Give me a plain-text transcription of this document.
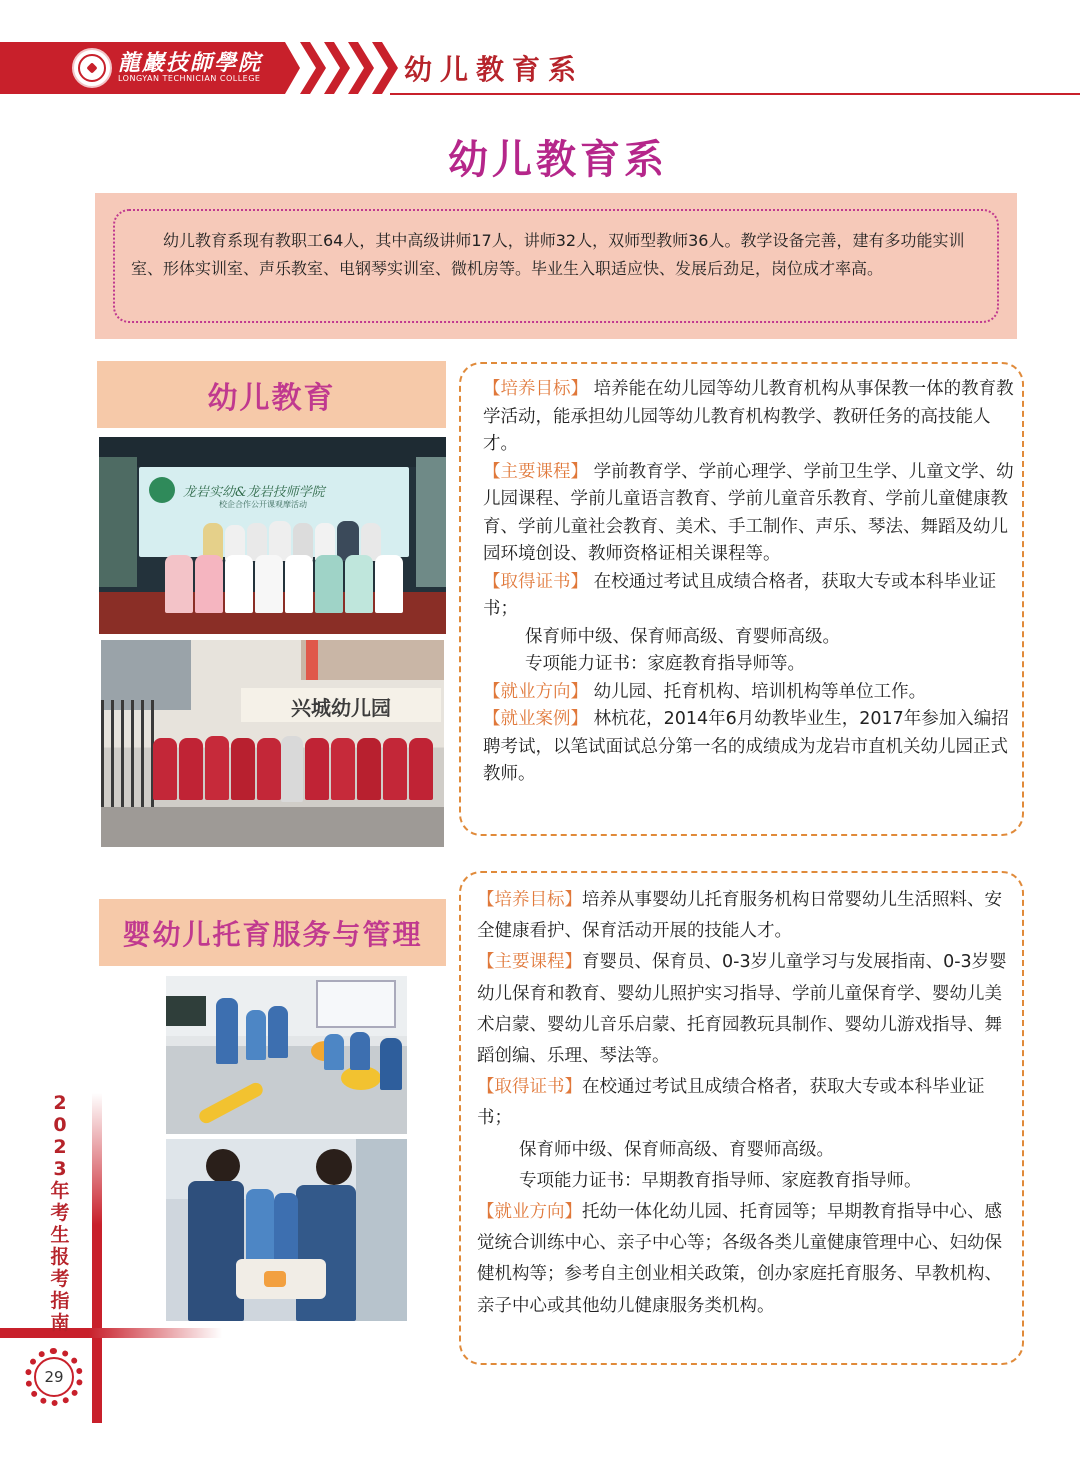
龍巖技師學院
LONGYAN TECHNICIAN COLLEGE	幼儿教育系
幼儿教育系
幼儿教育系现有教职工64人，其中高级讲师17人，讲师32人，双师型教师36人。教学设备完善，建有多功能实训室、形体实训室、声乐教室、电钢琴实训室、微机房等。毕业生入职适应快、发展后劲足，岗位成才率高。
幼儿教育
龙岩实幼&龙岩技师学院
校企合作公开课观摩活动
兴城幼儿园

【培养目标】 培养能在幼儿园等幼儿教育机构从事保教一体的教育教学活动，能承担幼儿园等幼儿教育机构教学、教研任务的高技能人才。

【主要课程】 学前教育学、学前心理学、学前卫生学、儿童文学、幼儿园课程、学前儿童语言教育、学前儿童音乐教育、学前儿童健康教育、学前儿童社会教育、美术、手工制作、声乐、琴法、舞蹈及幼儿园环境创设、教师资格证相关课程等。

【取得证书】 在校通过考试且成绩合格者，获取大专或本科毕业证书；

保育师中级、保育师高级、育婴师高级。

专项能力证书：家庭教育指导师等。

【就业方向】 幼儿园、托育机构、培训机构等单位工作。

【就业案例】 林杭花，2014年6月幼教毕业生，2017年参加入编招聘考试，以笔试面试总分第一名的成绩成为龙岩市直机关幼儿园正式教师。

婴幼儿托育服务与管理

【培养目标】培养从事婴幼儿托育服务机构日常婴幼儿生活照料、安全健康看护、保育活动开展的技能人才。

【主要课程】育婴员、保育员、0-3岁儿童学习与发展指南、0-3岁婴幼儿保育和教育、婴幼儿照护实习指导、学前儿童保育学、婴幼儿美术启蒙、婴幼儿音乐启蒙、托育园教玩具制作、婴幼儿游戏指导、舞蹈创编、乐理、琴法等。

【取得证书】在校通过考试且成绩合格者，获取大专或本科毕业证书；

保育师中级、保育师高级、育婴师高级。

专项能力证书：早期教育指导师、家庭教育指导师。

【就业方向】托幼一体化幼儿园、托育园等；早期教育指导中心、感觉统合训练中心、亲子中心等；各级各类儿童健康管理中心、妇幼保健机构等；参考自主创业相关政策，创办家庭托育服务、早教机构、亲子中心或其他幼儿健康服务类机构。

2023年考生报考指南
29
